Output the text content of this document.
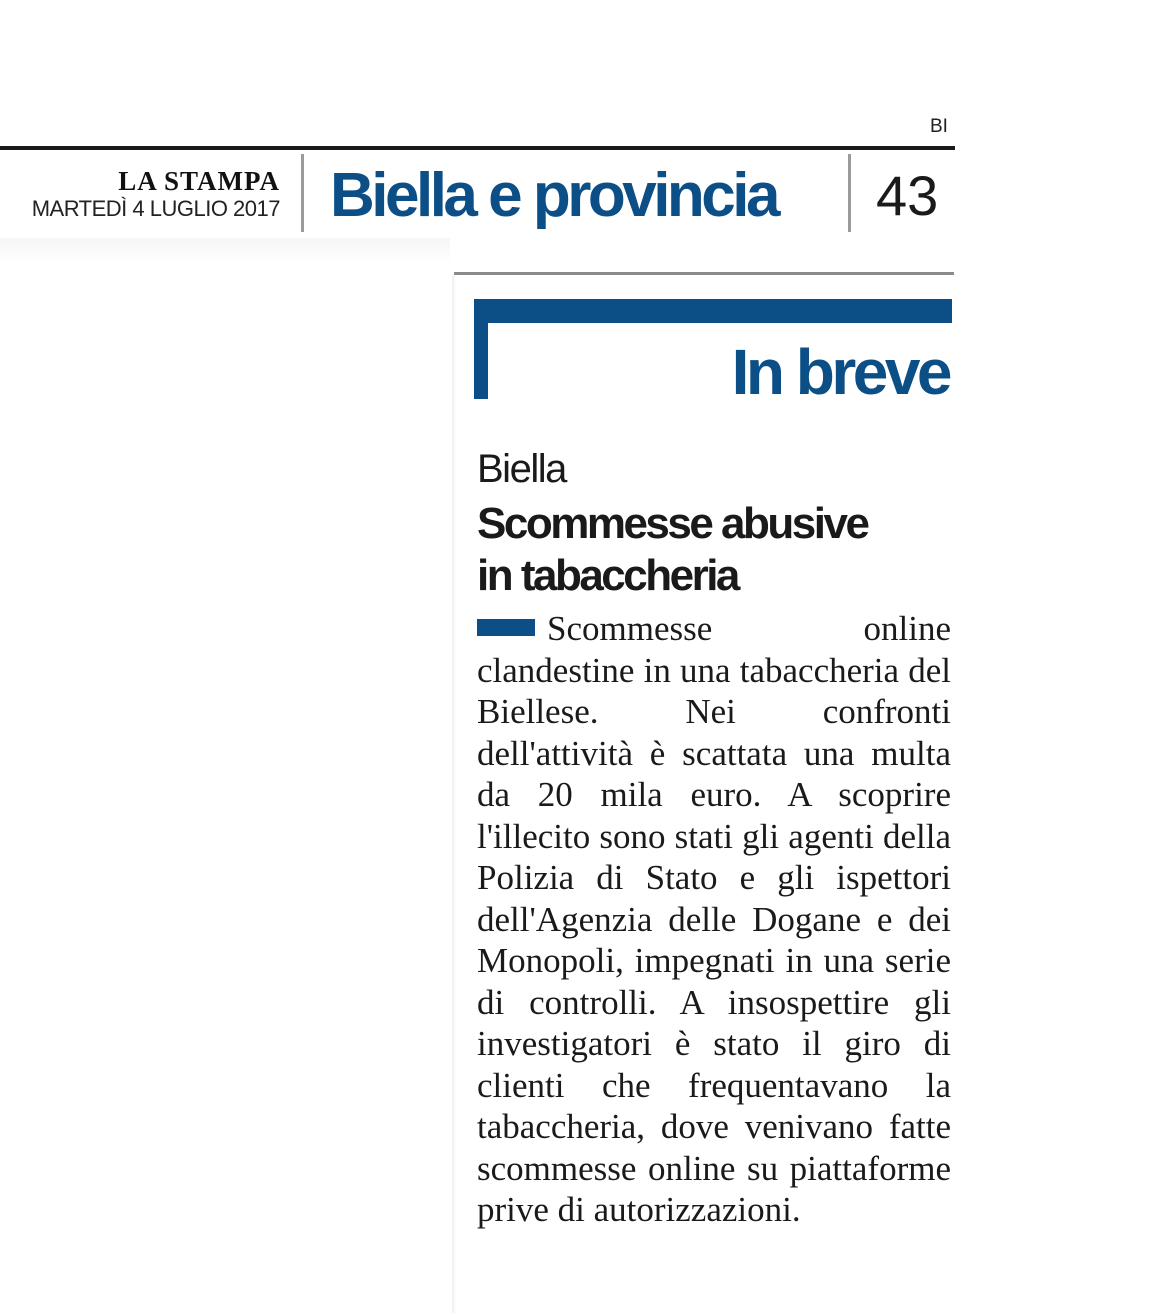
BI
LA STAMPA
MARTEDÌ 4 LUGLIO 2017 Biella e provincia 43
In breve
Biella
Scommesse abusive
in tabaccheria
Scommesse online clandestine in una tabaccheria del Biellese. Nei confronti dell'attività è scattata una multa da 20 mila euro. A scoprire l'illecito sono stati gli agenti della Polizia di Stato e gli ispettori dell'Agenzia delle Dogane e dei Monopoli, impegnati in una serie di controlli. A insospettire gli investigatori è stato il giro di clienti che frequentavano la tabaccheria, dove venivano fatte scommesse online su piattaforme prive di autorizzazioni.
